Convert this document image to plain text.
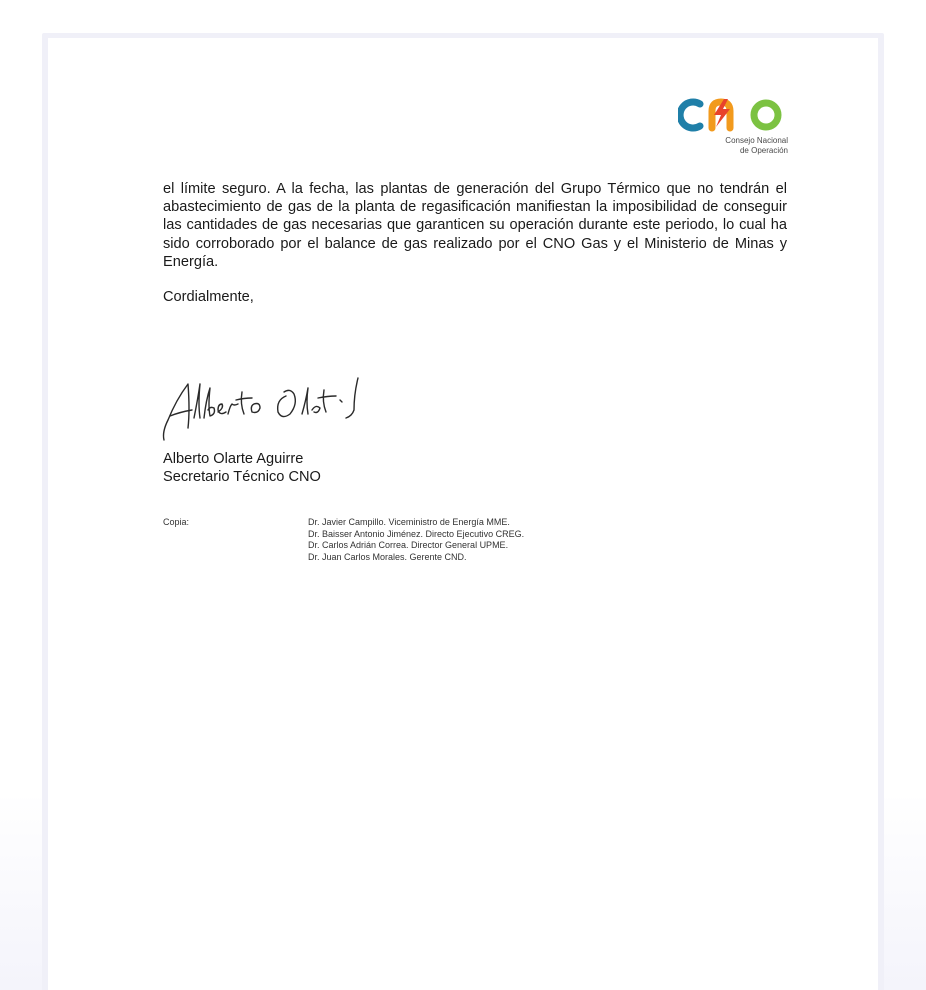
Consejo Nacional
de Operación

el límite seguro. A la fecha, las plantas de generación del Grupo Térmico que no tendrán el abastecimiento de gas de la planta de regasificación manifiestan la imposibilidad de conseguir las cantidades de gas necesarias que garanticen su operación durante este periodo, lo cual ha sido corroborado por el balance de gas realizado por el CNO Gas y el Ministerio de Minas y Energía.

Cordialmente,

Alberto Olarte Aguirre

Secretario Técnico CNO

Copia:	Dr. Javier Campillo. Viceministro de Energía MME.
Dr. Baisser Antonio Jiménez. Directo Ejecutivo CREG.
Dr. Carlos Adrián Correa. Director General UPME.
Dr. Juan Carlos Morales. Gerente CND.
